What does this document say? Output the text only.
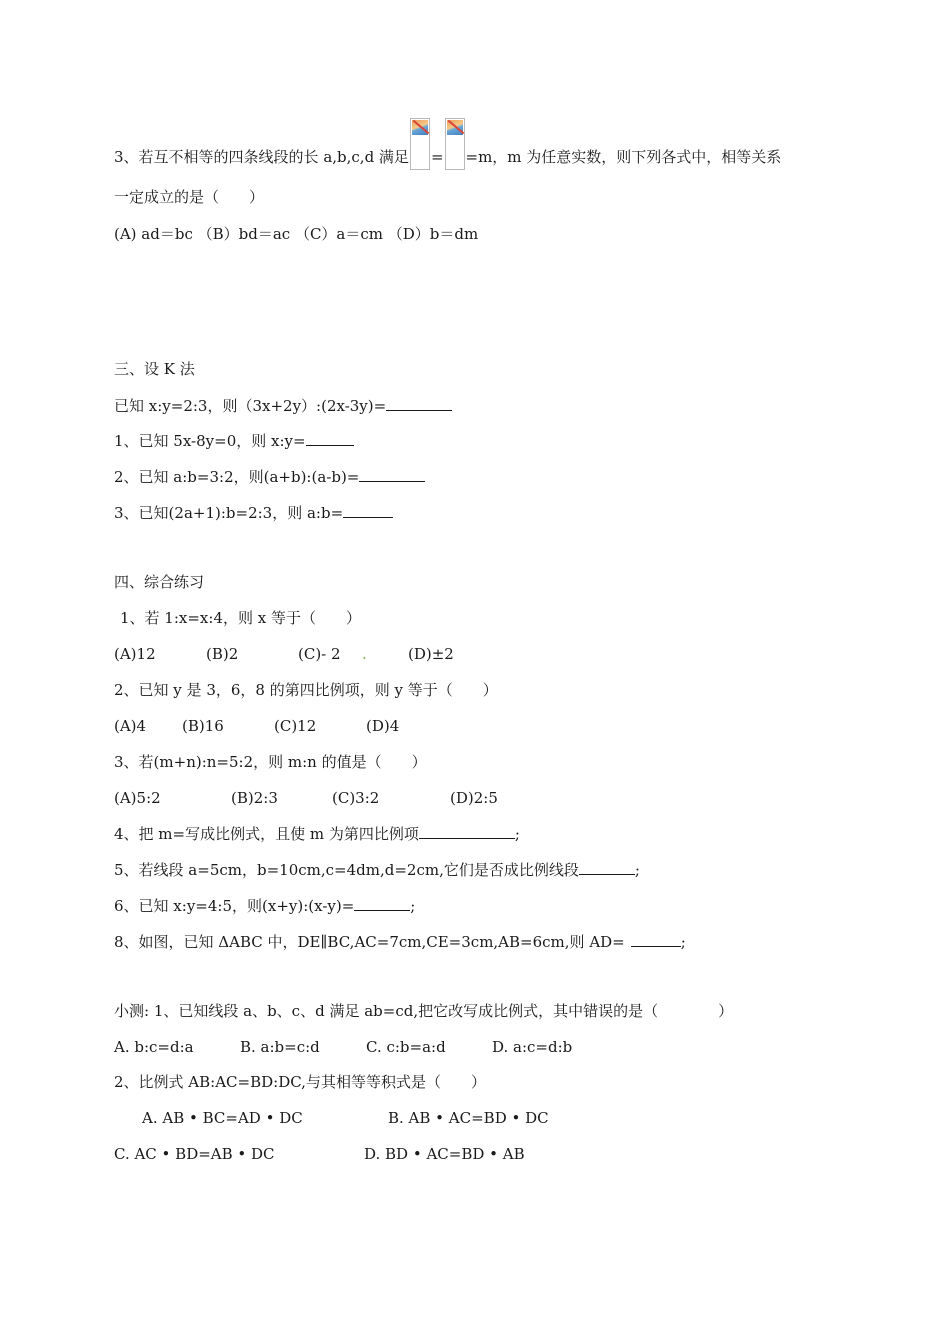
3、若互不相等的四条线段的长 a,b,c,d 满足 = =m，m 为任意实数，则下列各式中，相等关系
一定成立的是（　　）
(A) ad＝bc （B）bd＝ac （C）a＝cm （D）b＝dm
三、设 K 法
已知 x:y=2:3，则（3x+2y）:(2x-3y)=
1、已知 5x-8y=0，则 x:y=
2、已知 a:b=3:2，则(a+b):(a-b)=
3、已知(2a+1):b=2:3，则 a:b=
四、综合练习
1、若 1:x=x:4，则 x 等于（　　）
(A)12	(B)2	(C)- 2 .	(D)±2
2、已知 y 是 3，6，8 的第四比例项，则 y 等于（　　）
(A)4 (B)16	(C)12	(D)4
3、若(m+n):n=5:2，则 m:n 的值是（　　）
(A)5:2	(B)2:3	(C)3:2	(D)2:5
4、把 m=写成比例式，且使 m 为第四比例项	;
5、若线段 a=5cm，b=10cm,c=4dm,d=2cm,它们是否成比例线段	;
6、已知 x:y=4:5，则(x+y):(x-y)=	;
8、如图，已知 ΔABC 中，DE∥BC,AC=7cm,CE=3cm,AB=6cm,则 AD=	;
小测: 1、已知线段 a、b、c、d 满足 ab=cd,把它改写成比例式，其中错误的是（　　　　）
A. b:c=d:a	B. a:b=c:d	C. c:b=a:d	D. a:c=d:b
2、比例式 AB:AC=BD:DC,与其相等等积式是（　　）
A. AB • BC=AD • DC	B. AB • AC=BD • DC
C. AC • BD=AB • DC	D. BD • AC=BD • AB
